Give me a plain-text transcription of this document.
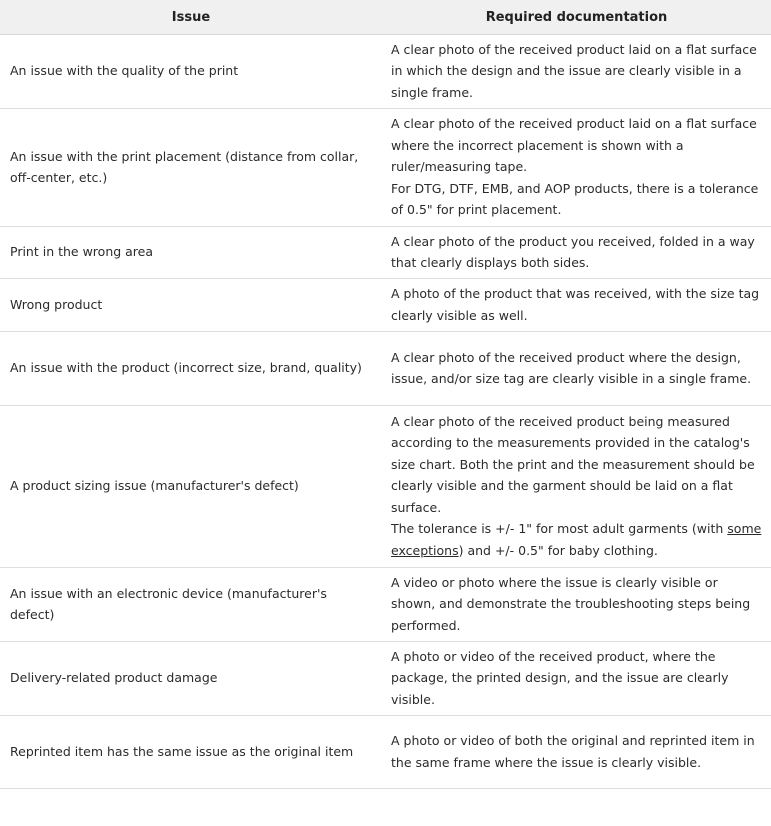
Issue	Required documentation
An issue with the quality of the print	A clear photo of the received product laid on a flat surface in which the design and the issue are clearly visible in a single frame.

An issue with the print placement (distance from collar, off-center, etc.)	A clear photo of the received product laid on a flat surface where the incorrect placement is shown with a ruler/measuring tape.
For DTG, DTF, EMB, and AOP products, there is a tolerance of 0.5" for print placement.

Print in the wrong area	A clear photo of the product you received, folded in a way that clearly displays both sides.

Wrong product	A photo of the product that was received, with the size tag clearly visible as well.

An issue with the product (incorrect size, brand, quality)	A clear photo of the received product where the design, issue, and/or size tag are clearly visible in a single frame.

A product sizing issue (manufacturer's defect)	A clear photo of the received product being measured according to the measurements provided in the catalog's size chart. Both the print and the measurement should be clearly visible and the garment should be laid on a flat surface.
The tolerance is +/- 1" for most adult garments (with some exceptions) and +/- 0.5" for baby clothing.

An issue with an electronic device (manufacturer's defect)	A video or photo where the issue is clearly visible or shown, and demonstrate the troubleshooting steps being performed.

Delivery-related product damage	A photo or video of the received product, where the package, the printed design, and the issue are clearly visible.

Reprinted item has the same issue as the original item	A photo or video of both the original and reprinted item in the same frame where the issue is clearly visible.
